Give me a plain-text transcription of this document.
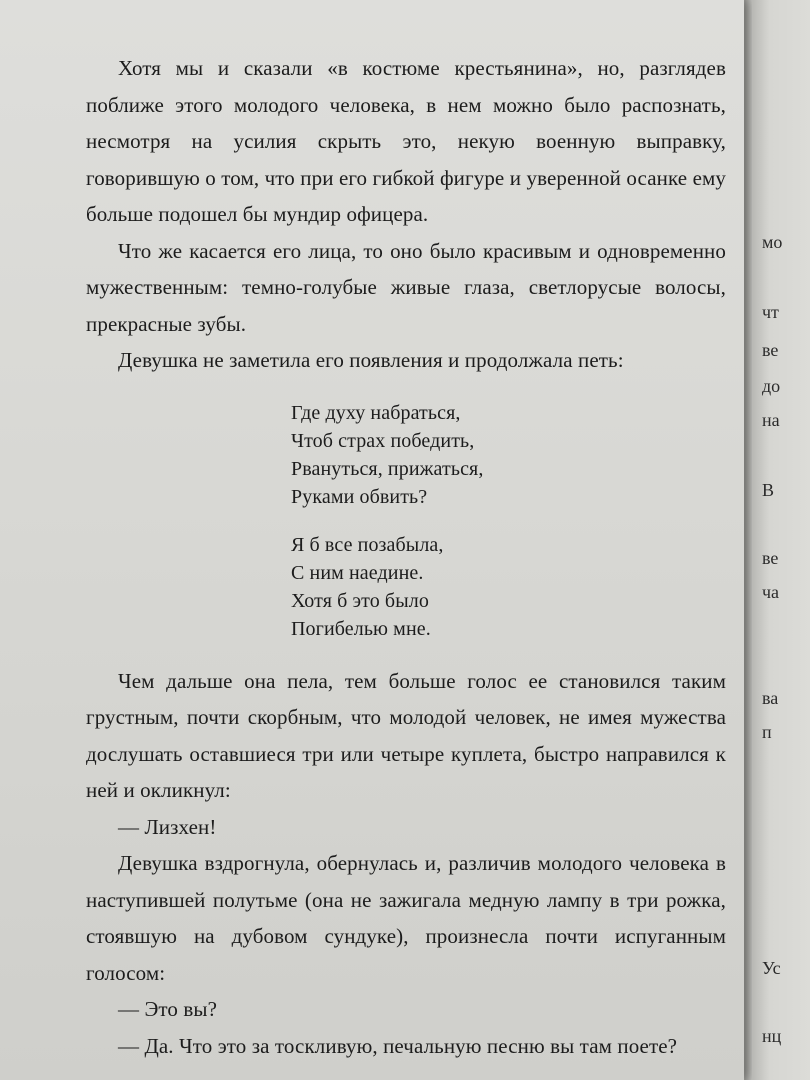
Хотя мы и сказали «в костюме крестьянина», но, разглядев поближе этого молодого человека, в нем можно было распознать, несмотря на усилия скрыть это, некую военную выправку, говорившую о том, что при его гибкой фигуре и уверенной осанке ему больше подошел бы мундир офицера.

Что же касается его лица, то оно было красивым и одновременно мужественным: темно-голубые живые глаза, светлорусые волосы, прекрасные зубы.

Девушка не заметила его появления и продолжала петь:

Где духу набраться,
Чтоб страх победить,
Рвануться, прижаться,
Руками обвить?
Я б все позабыла,
С ним наедине.
Хотя б это было
Погибелью мне.

Чем дальше она пела, тем больше голос ее становился таким грустным, почти скорбным, что молодой человек, не имея мужества дослушать оставшиеся три или четыре куплета, быстро направился к ней и окликнул:

— Лизхен!

Девушка вздрогнула, обернулась и, различив молодого человека в наступившей полутьме (она не зажигала медную лампу в три рожка, стоявшую на дубовом сундуке), произнесла почти испуганным голосом:

— Это вы?

— Да. Что это за тоскливую, печальную песню вы там поете?

мо
чт
ве
до
на
В
ве
ча
ва
п
Ус
нц
